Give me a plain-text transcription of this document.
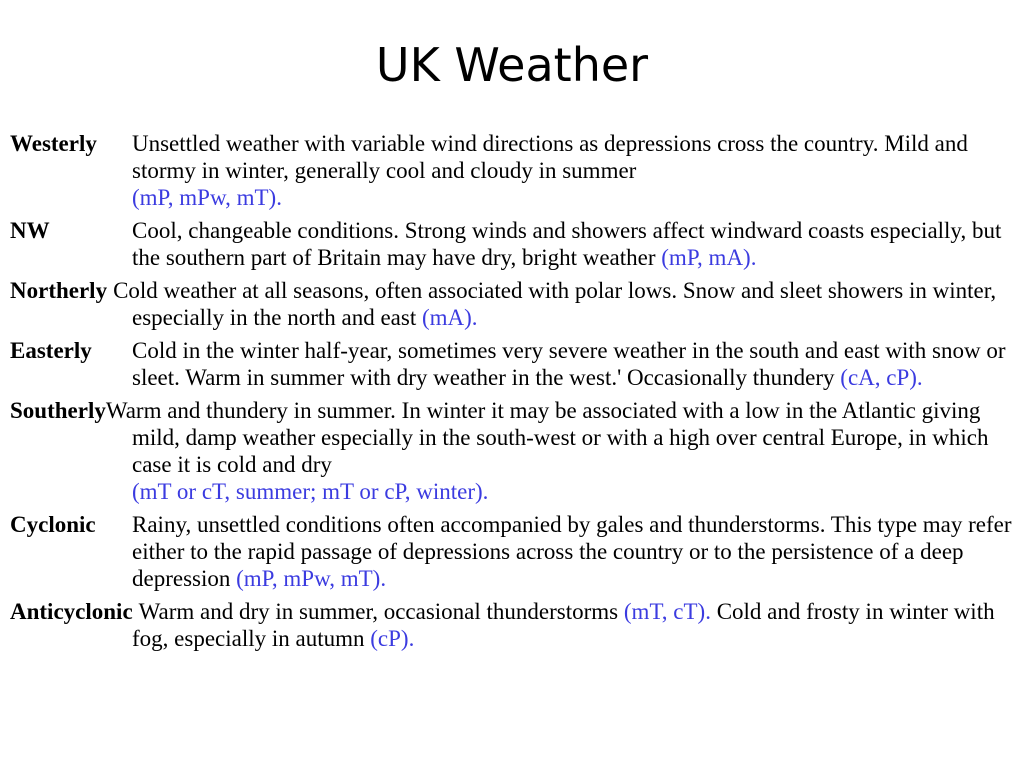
UK Weather
Westerly Unsettled weather with variable wind directions as depressions cross the country. Mild and stormy in winter, generally cool and cloudy in summer
(mP, mPw, mT).
NW	Cool, changeable conditions. Strong winds and showers affect windward coasts especially, but the southern part of Britain may have dry, bright weather (mP, mA).
Northerly Cold weather at all seasons, often associated with polar lows. Snow and sleet showers in winter, especially in the north and east (mA).
Easterly Cold in the winter half-year, sometimes very severe weather in the south and east with snow or sleet. Warm in summer with dry weather in the west.' Occasionally thundery (cA, cP).
SoutherlyWarm and thundery in summer. In winter it may be associated with a low in the Atlantic giving mild, damp weather especially in the south-west or with a high over central Europe, in which case it is cold and dry
(mT or cT, summer; mT or cP, winter).
Cyclonic Rainy, unsettled conditions often accompanied by gales and thunderstorms. This type may refer either to the rapid passage of depressions across the country or to the persistence of a deep depression (mP, mPw, mT).
Anticyclonic Warm and dry in summer, occasional thunderstorms (mT, cT). Cold and frosty in winter with fog, especially in autumn (cP).
